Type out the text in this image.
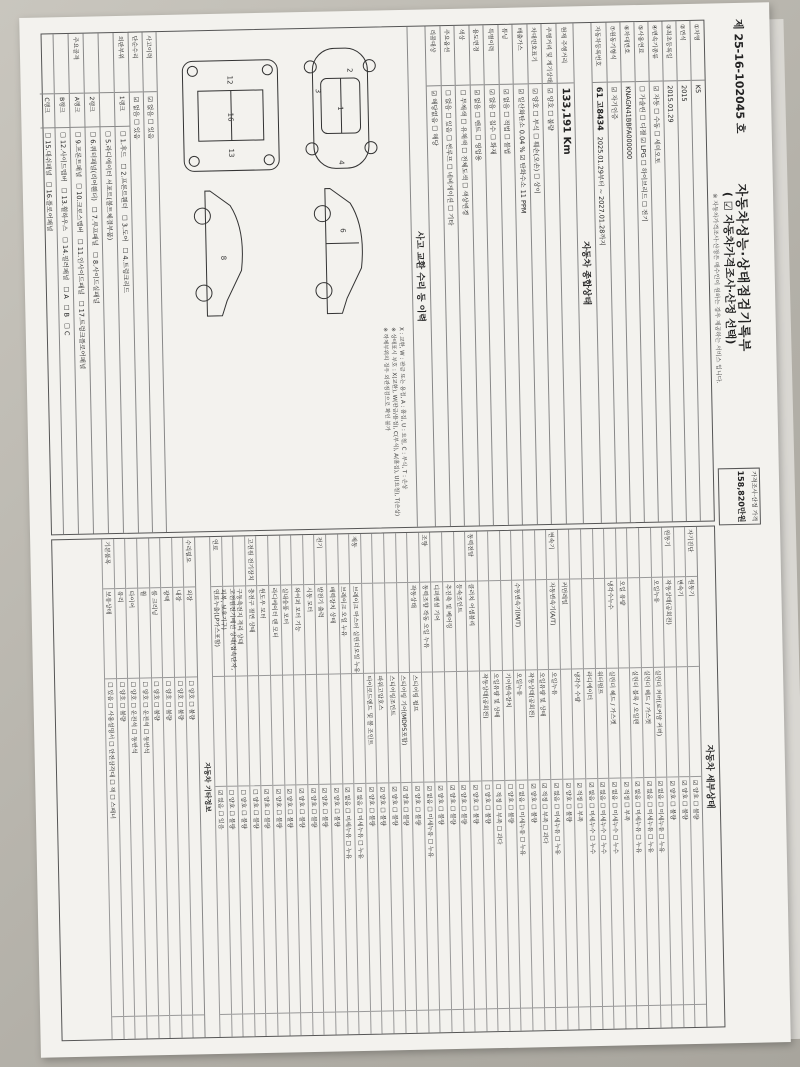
제 25-16-102045 호
자동차성능·상태점검기록부
( ☑ 자동차가격조사·산정 선택)
※ 자동차가격조사·산정은 매수인이 원하는 경우 제공하는 서비스 입니다.
가격조사·산정 가격
158,820만원
①차명
K5
②연식
2015
③최초등록일
2015.01.29
④변속기종류
☑ 자동 ☐ 수동 ☐ 세미오토
⑤사용연료
☐ 가솔린 ☐ 디젤 ☑ LPG ☐ 하이브리드 ☐ 전기
⑥차대번호
KNAGN41BBFA000000
⑦원동기형식
☑ 자기인증
자동차등록번호
61 고8434
2025.01.29부터 ~ 2027.01.28까지
자동차 종합상태
현재 주행거리
133,191 Km
주행거리 및 계기상태
☑ 양호 ☐ 불량
차대번호표기
☑ 양호 ☐ 부식 ☐ 훼손(오손) ☐ 상이
배출가스
☑ 일산화탄소 0.04 % ☑ 탄화수소 11 PPM
튜닝
☑ 없음 ☐ 적법 ☐ 불법
특별이력
☑ 없음 ☐ 침수 ☐ 화재
용도변경
☑ 없음 ☐ 렌트 ☐ 영업용
색상
☐ 무채색 ☐ 유채색 ☐ 전체도색 ☐ 색상변경
주요옵션
☐ 없음 ☐ 있음 ☐ 썬루프 ☐ 네비게이션 ☐ 기타
리콜대상
☑ 해당없음 ☐ 해당
사고 교환 수리 등 이력
1
2
3
4
16
12
13
6
8
X : 교환, W : 판금 또는 용접, A : 흠집, U : 요철, C : 부식, T : 손상
※ 상태표시 부호 : X(교환), W(판금/용접), C(부식), A(흠집), U(요철), T(손상)
※ 하체부위의 경우 외관점검으로 확인 불가
사고이력
☑ 없음 ☐ 있음
단순수리
☑ 없음 ☐ 있음
외판부위
1랭크
☐ 1.후드
☐ 2.프론트휀더
☐ 3.도어
☐ 4.트렁크리드
☐ 5.라디에이터 서포트(볼트체결부품)
2랭크
☐ 6.쿼터패널(리어휀더)
☐ 7.루프패널
☐ 8.사이드실패널
주요골격
A랭크
☐ 9.프론트패널
☐ 10.크로스멤버
☐ 11.인사이드패널
☐ 17.트렁크플로어패널
B랭크
☐ 12.사이드멤버
☐ 13.휠하우스
☐ 14.필러패널
☐ A
☐ B
☐ C
C랭크
☐ 15.대쉬패널
☐ 16.플로어패널
자동차 세부상태
자기진단
원동기
☑ 양호 ☐ 불량
변속기
☑ 양호 ☐ 불량
원동기
작동상태(공회전)
☑ 양호 ☐ 불량
오일누유
실린더 커버(로커암 커버)
☑ 없음 ☐ 미세누유 ☐ 누유
실린더 헤드 / 가스켓
☑ 없음 ☐ 미세누유 ☐ 누유
실린더 블록 / 오일팬
☑ 없음 ☐ 미세누유 ☐ 누유
오일 유량
☑ 적정 ☐ 부족
냉각수누수
실린더 헤드 / 가스켓
☑ 없음 ☐ 미세누수 ☐ 누수
워터펌프
☑ 없음 ☐ 미세누수 ☐ 누수
라디에이터
☑ 없음 ☐ 미세누수 ☐ 누수
냉각수 수량
☑ 적정 ☐ 부족
커먼레일
☑ 양호 ☐ 불량
변속기
자동변속기(A/T)
오일누유
☑ 없음 ☐ 미세누유 ☐ 누유
오일유량 및 상태
☑ 적정 ☐ 부족 ☐ 과다
작동상태(공회전)
☑ 양호 ☐ 불량
수동변속기(M/T)
오일누유
☐ 없음 ☐ 미세누유 ☐ 누유
기어변속장치
☐ 양호 ☐ 불량
오일유량 및 상태
☐ 적정 ☐ 부족 ☐ 과다
작동상태(공회전)
☐ 양호 ☐ 불량
동력전달
클러치 어셈블리
☑ 양호 ☐ 불량
등속조인트
☑ 양호 ☐ 불량
추진축 및 베어링
☑ 양호 ☐ 불량
디퍼렌셜 기어
☑ 양호 ☐ 불량
조향
동력조향 작동 오일 누유
☑ 없음 ☐ 미세누유 ☐ 누유
작동상태
스티어링 펌프
☑ 양호 ☐ 불량
스티어링 기어(MDPS포함)
☑ 양호 ☐ 불량
스티어링조인트
☑ 양호 ☐ 불량
파워고압호스
☑ 양호 ☐ 불량
타이로드엔드 및 볼 조인트
☑ 양호 ☐ 불량
제동
브레이크 마스터 실린더오일 누유
☑ 없음 ☐ 미세누유 ☐ 누유
브레이크 오일 누유
☑ 없음 ☐ 미세누유 ☐ 누유
배력장치 상태
☑ 양호 ☐ 불량
전기
발전기 출력
☑ 양호 ☐ 불량
시동 모터
☑ 양호 ☐ 불량
와이퍼 모터 기능
☑ 양호 ☐ 불량
실내송풍 모터
☑ 양호 ☐ 불량
라디에이터 팬 모터
☑ 양호 ☐ 불량
윈도우 모터
☑ 양호 ☐ 불량
고전원 전기장치
충전구 절연 상태
☐ 양호 ☐ 불량
구동축전지 격리 상태
☐ 양호 ☐ 불량
고전원전기배선 상태(접속단자, 피복, 보호기구)
☐ 양호 ☐ 불량
연료
연료누출(LP가스포함)
☑ 없음 ☐ 있음
자동차 기타정보
수리필요
외장
☐ 양호 ☐ 불량
내장
☐ 양호 ☐ 불량
광택
☐ 양호 ☐ 불량
룸 크리닝
☐ 양호 ☐ 불량
휠
☐ 양호 ☐ 운전석 ☐ 동반석
타이어
☐ 양호 ☐ 운전석 ☐ 동반석
유리
☐ 양호 ☐ 불량
기본품목
보유상태
☐ 있음 ☐ 사용설명서 ☐ 안전삼각대 ☐ 잭 ☐ 스패너
